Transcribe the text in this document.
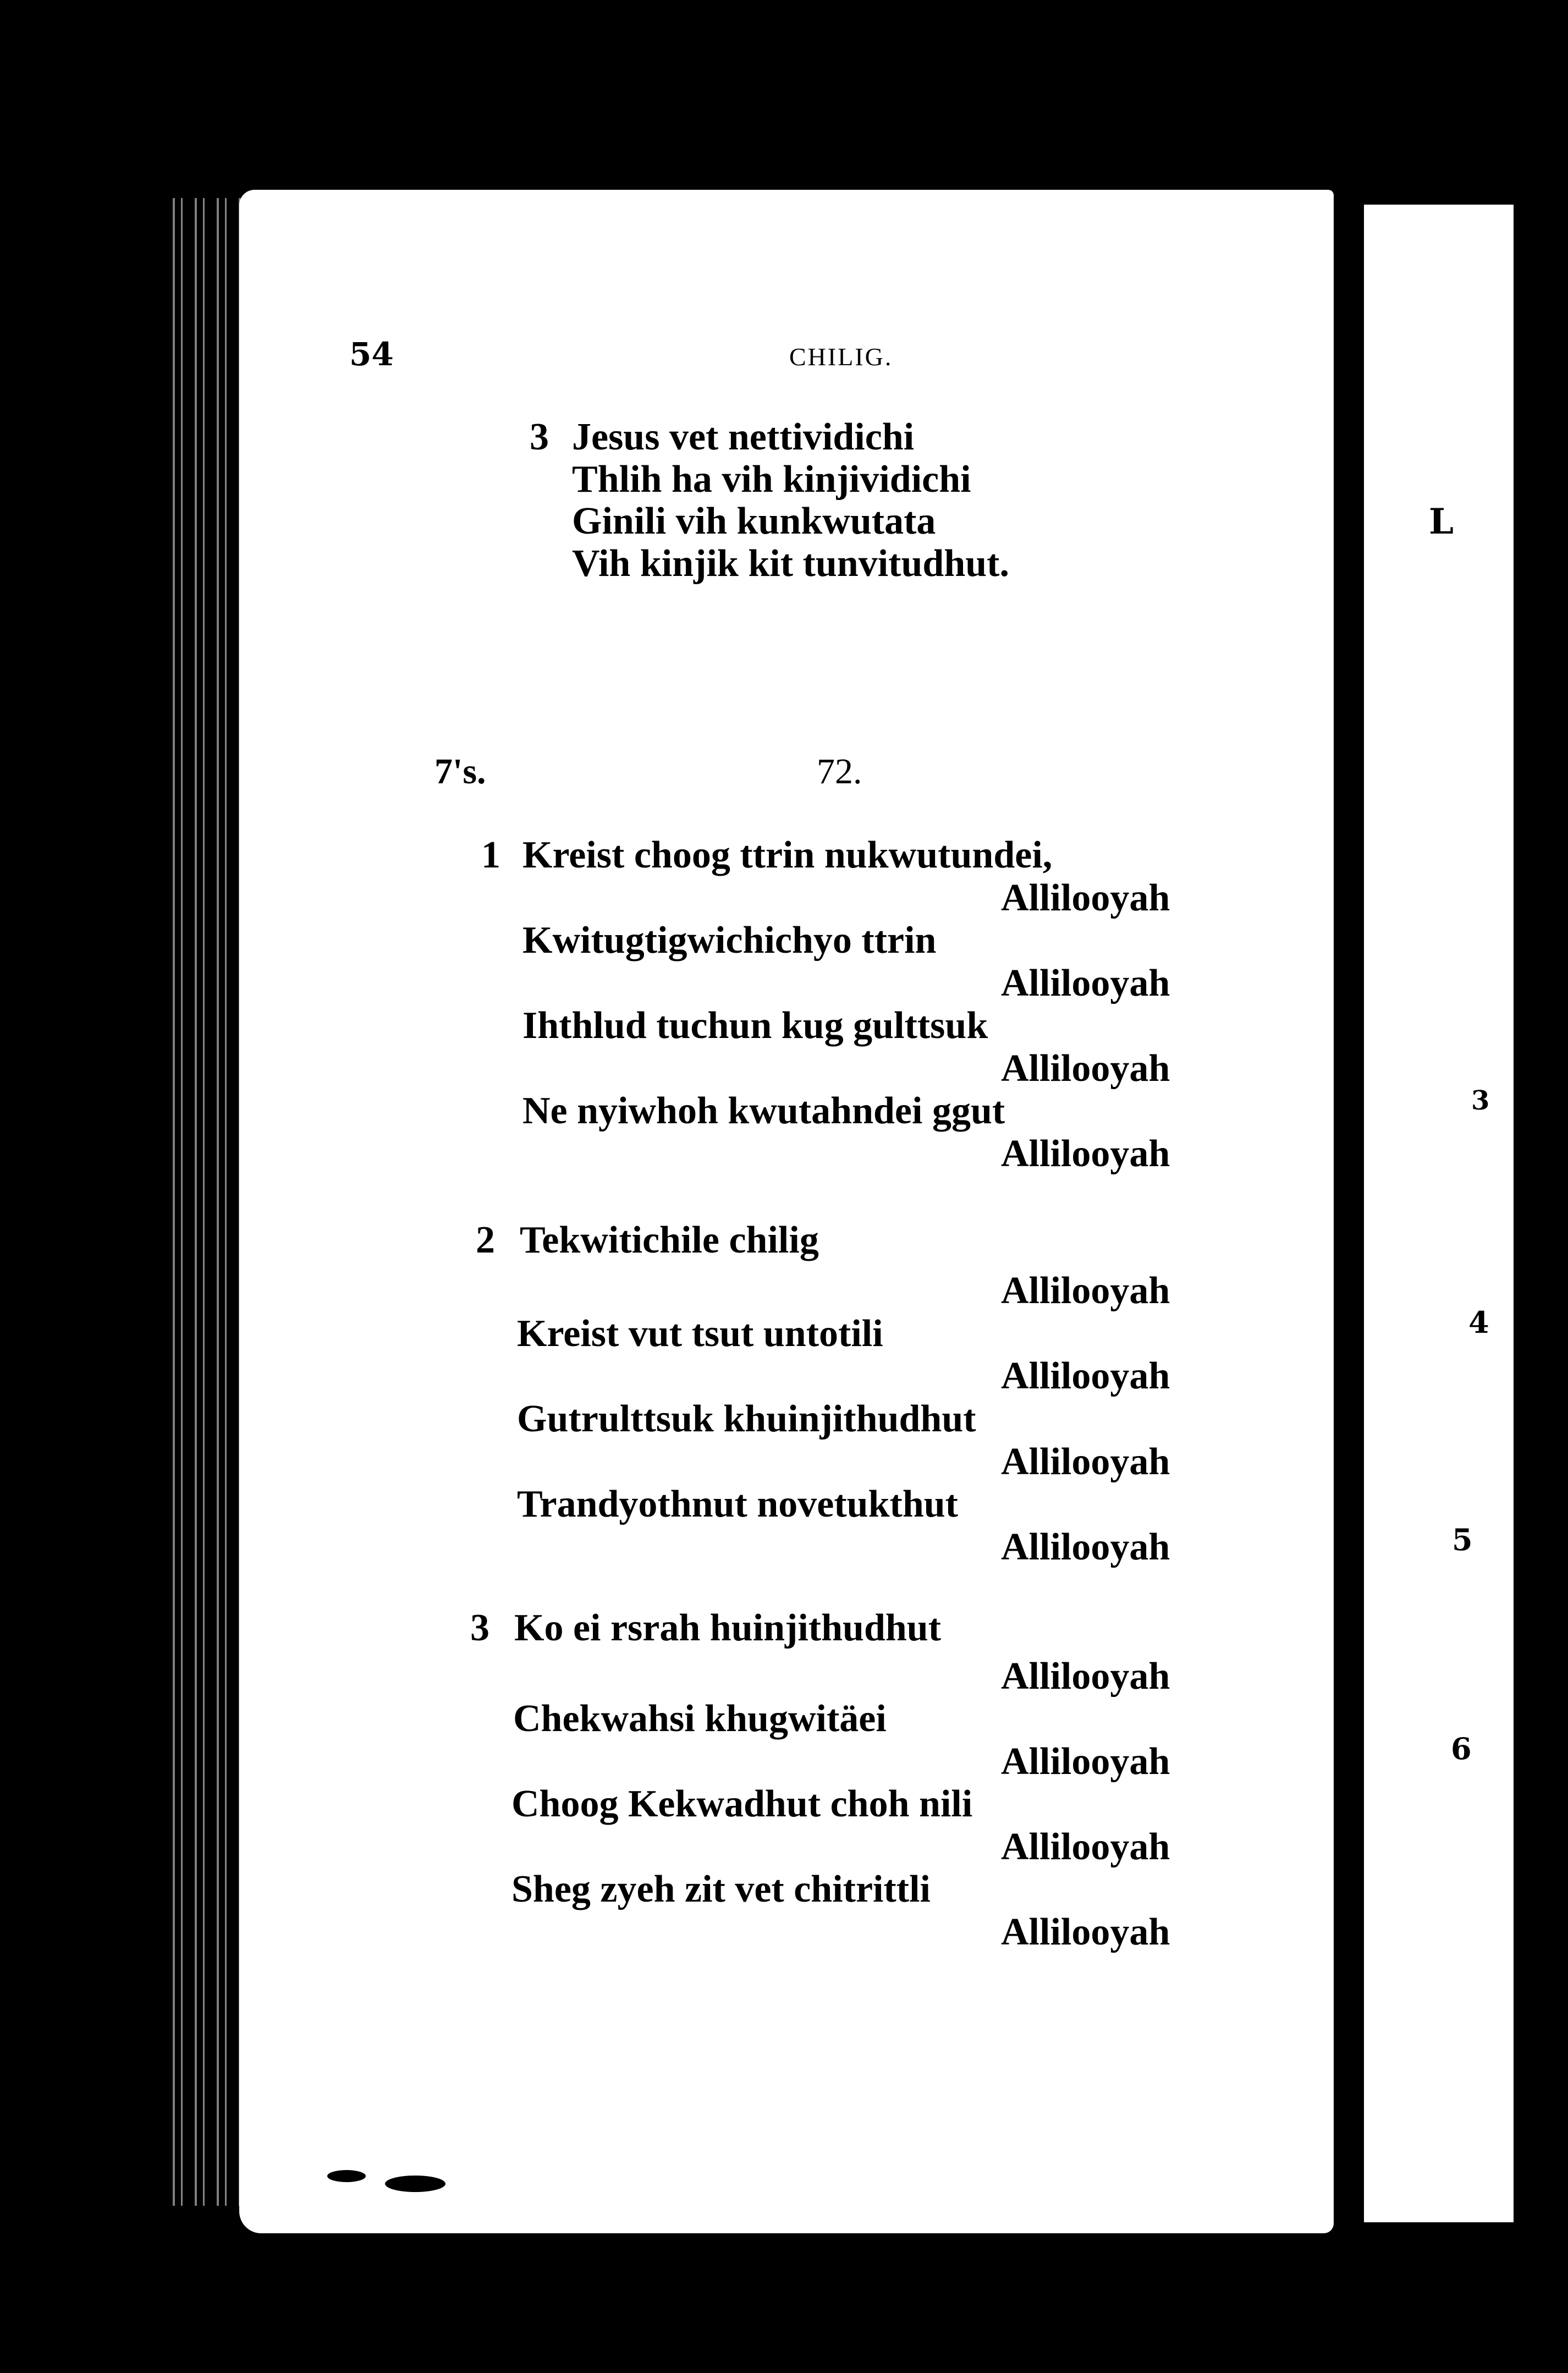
54	CHILIG.
3 Jesus vet nettividichi
Thlih ha vih kinjividichi
Ginili vih kunkwutata
Vih kinjik kit tunvitudhut.
7's.	72.
1 Kreist choog ttrin nukwutundei,
Allilooyah
Kwitugtigwichichyo ttrin
Allilooyah
Ihthlud tuchun kug gulttsuk
Allilooyah
Ne nyiwhoh kwutahndei ggut
Allilooyah
2 Tekwitichile chilig
Allilooyah
Kreist vut tsut untotili
Allilooyah
Gutrulttsuk khuinjithudhut
Allilooyah
Trandyothnut novetukthut
Allilooyah
3 Ko ei rsrah huinjithudhut
Allilooyah
Chekwahsi khugwitäei
Allilooyah
Choog Kekwadhut choh nili
Allilooyah
Sheg zyeh zit vet chitrittli
Allilooyah
L
3
4
5
6
